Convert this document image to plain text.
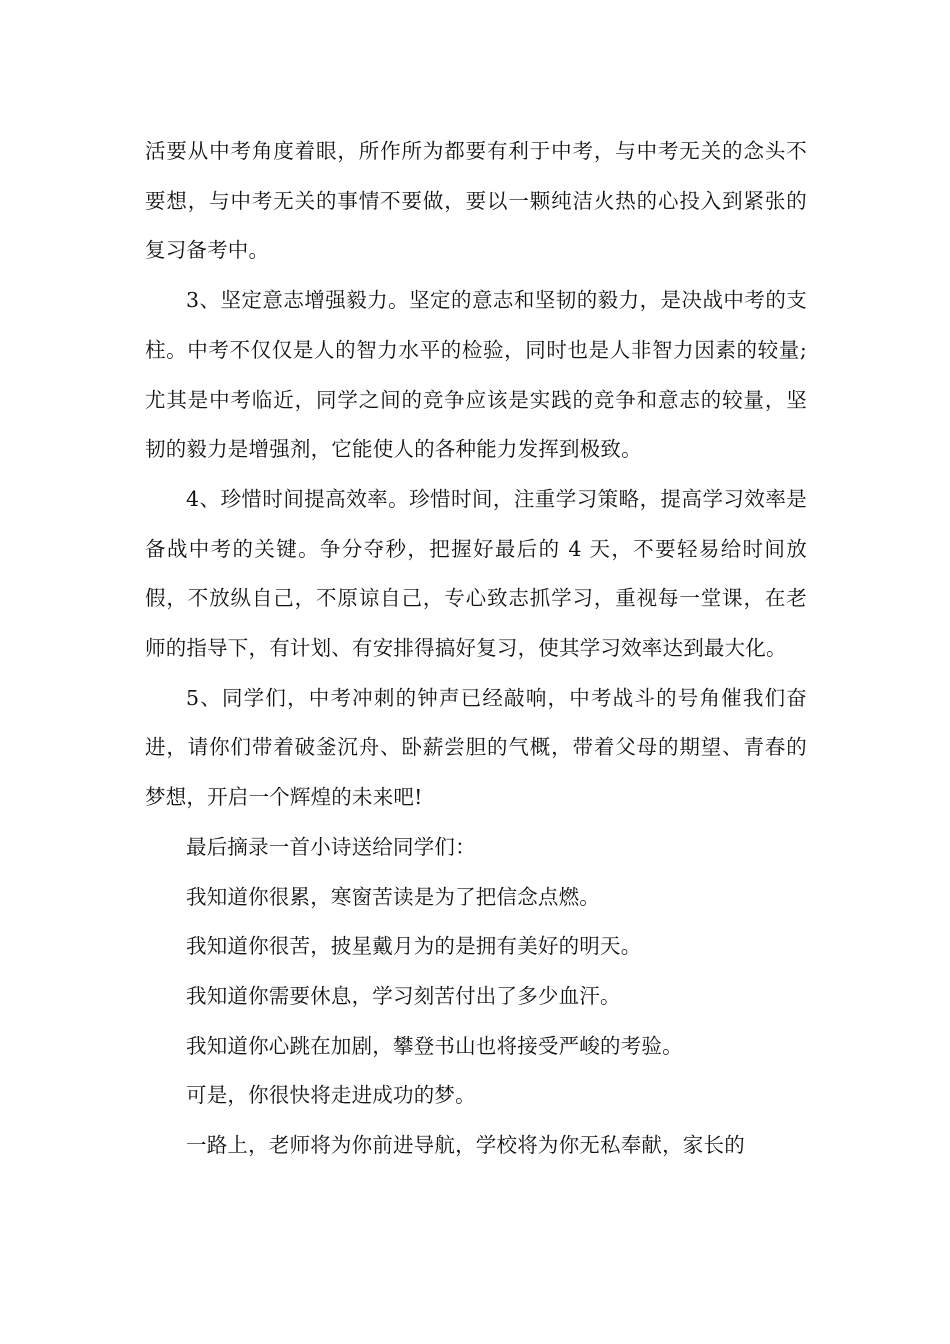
活要从中考角度着眼，所作所为都要有利于中考，与中考无关的念头不要想，与中考无关的事情不要做，要以一颗纯洁火热的心投入到紧张的复习备考中。

3、坚定意志增强毅力。坚定的意志和坚韧的毅力，是决战中考的支柱。中考不仅仅是人的智力水平的检验，同时也是人非智力因素的较量;尤其是中考临近，同学之间的竞争应该是实践的竞争和意志的较量，坚韧的毅力是增强剂，它能使人的各种能力发挥到极致。

4、珍惜时间提高效率。珍惜时间，注重学习策略，提高学习效率是备战中考的关键。争分夺秒，把握好最后的 4 天，不要轻易给时间放假，不放纵自己，不原谅自己，专心致志抓学习，重视每一堂课，在老师的指导下，有计划、有安排得搞好复习，使其学习效率达到最大化。

5、同学们，中考冲刺的钟声已经敲响，中考战斗的号角催我们奋进，请你们带着破釜沉舟、卧薪尝胆的气概，带着父母的期望、青春的梦想，开启一个辉煌的未来吧!

最后摘录一首小诗送给同学们：

我知道你很累，寒窗苦读是为了把信念点燃。

我知道你很苦，披星戴月为的是拥有美好的明天。

我知道你需要休息，学习刻苦付出了多少血汗。

我知道你心跳在加剧，攀登书山也将接受严峻的考验。

可是，你很快将走进成功的梦。

一路上，老师将为你前进导航，学校将为你无私奉献，家长的
